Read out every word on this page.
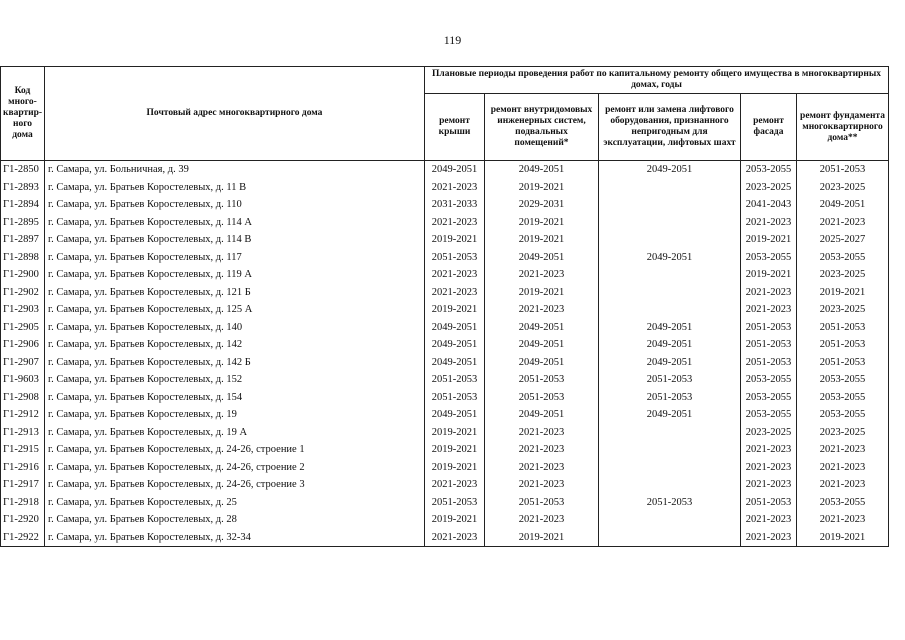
119
Код много-квартир-ного дома	Почтовый адрес многоквартирного дома	Плановые периоды проведения работ по капитальному ремонту общего имущества в многоквартирных домах, годы				
		ремонт крыши	ремонт внутридомовых инженерных систем, подвальных помещений*	ремонт или замена лифтового оборудования, признанного непригодным для эксплуатации, лифтовых шахт	ремонт фасада	ремонт фундамента многоквартирного дома**
Г1-2850	г. Самара, ул. Больничная, д. 39	2049-2051	2049-2051	2049-2051	2053-2055	2051-2053
Г1-2893	г. Самара, ул. Братьев Коростелевых, д. 11 В	2021-2023	2019-2021		2023-2025	2023-2025
Г1-2894	г. Самара, ул. Братьев Коростелевых, д. 110	2031-2033	2029-2031		2041-2043	2049-2051
Г1-2895	г. Самара, ул. Братьев Коростелевых, д. 114 А	2021-2023	2019-2021		2021-2023	2021-2023
Г1-2897	г. Самара, ул. Братьев Коростелевых, д. 114 В	2019-2021	2019-2021		2019-2021	2025-2027
Г1-2898	г. Самара, ул. Братьев Коростелевых, д. 117	2051-2053	2049-2051	2049-2051	2053-2055	2053-2055
Г1-2900	г. Самара, ул. Братьев Коростелевых, д. 119 А	2021-2023	2021-2023		2019-2021	2023-2025
Г1-2902	г. Самара, ул. Братьев Коростелевых, д. 121 Б	2021-2023	2019-2021		2021-2023	2019-2021
Г1-2903	г. Самара, ул. Братьев Коростелевых, д. 125 А	2019-2021	2021-2023		2021-2023	2023-2025
Г1-2905	г. Самара, ул. Братьев Коростелевых, д. 140	2049-2051	2049-2051	2049-2051	2051-2053	2051-2053
Г1-2906	г. Самара, ул. Братьев Коростелевых, д. 142	2049-2051	2049-2051	2049-2051	2051-2053	2051-2053
Г1-2907	г. Самара, ул. Братьев Коростелевых, д. 142 Б	2049-2051	2049-2051	2049-2051	2051-2053	2051-2053
Г1-9603	г. Самара, ул. Братьев Коростелевых, д. 152	2051-2053	2051-2053	2051-2053	2053-2055	2053-2055
Г1-2908	г. Самара, ул. Братьев Коростелевых, д. 154	2051-2053	2051-2053	2051-2053	2053-2055	2053-2055
Г1-2912	г. Самара, ул. Братьев Коростелевых, д. 19	2049-2051	2049-2051	2049-2051	2053-2055	2053-2055
Г1-2913	г. Самара, ул. Братьев Коростелевых, д. 19 А	2019-2021	2021-2023		2023-2025	2023-2025
Г1-2915	г. Самара, ул. Братьев Коростелевых, д. 24-26, строение 1	2019-2021	2021-2023		2021-2023	2021-2023
Г1-2916	г. Самара, ул. Братьев Коростелевых, д. 24-26, строение 2	2019-2021	2021-2023		2021-2023	2021-2023
Г1-2917	г. Самара, ул. Братьев Коростелевых, д. 24-26, строение 3	2021-2023	2021-2023		2021-2023	2021-2023
Г1-2918	г. Самара, ул. Братьев Коростелевых, д. 25	2051-2053	2051-2053	2051-2053	2051-2053	2053-2055
Г1-2920	г. Самара, ул. Братьев Коростелевых, д. 28	2019-2021	2021-2023		2021-2023	2021-2023
Г1-2922	г. Самара, ул. Братьев Коростелевых, д. 32-34	2021-2023	2019-2021		2021-2023	2019-2021
